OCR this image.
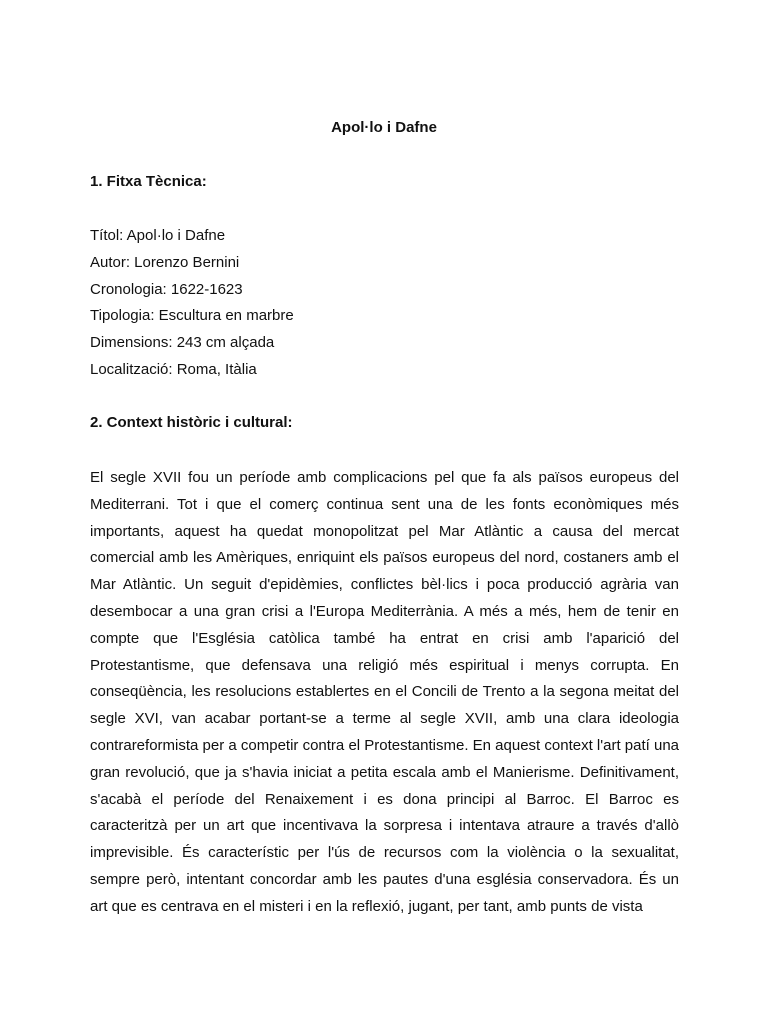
Apol·lo i Dafne
1. Fitxa Tècnica:
Títol: Apol·lo i Dafne
Autor: Lorenzo Bernini
Cronologia: 1622-1623
Tipologia: Escultura en marbre
Dimensions: 243 cm alçada
Localització: Roma, Itàlia
2. Context històric i cultural:

El segle XVII fou un període amb complicacions pel que fa als països europeus del Mediterrani. Tot i que el comerç continua sent una de les fonts econòmiques més importants, aquest ha quedat monopolitzat pel Mar Atlàntic a causa del mercat comercial amb les Amèriques, enriquint els països europeus del nord, costaners amb el Mar Atlàntic. Un seguit d'epidèmies, conflictes bèl·lics i poca producció agrària van desembocar a una gran crisi a l'Europa Mediterrània. A més a més, hem de tenir en compte que l'Església catòlica també ha entrat en crisi amb l'aparició del Protestantisme, que defensava una religió més espiritual i menys corrupta. En conseqüència, les resolucions establertes en el Concili de Trento a la segona meitat del segle XVI, van acabar portant-se a terme al segle XVII, amb una clara ideologia contrareformista per a competir contra el Protestantisme. En aquest context l'art patí una gran revolució, que ja s'havia iniciat a petita escala amb el Manierisme. Definitivament, s'acabà el període del Renaixement i es dona principi al Barroc. El Barroc es caracteritzà per un art que incentivava la sorpresa i intentava atraure a través d'allò imprevisible. És característic per l'ús de recursos com la violència o la sexualitat, sempre però, intentant concordar amb les pautes d'una església conservadora. És un art que es centrava en el misteri i en la reflexió, jugant, per tant, amb punts de vista
